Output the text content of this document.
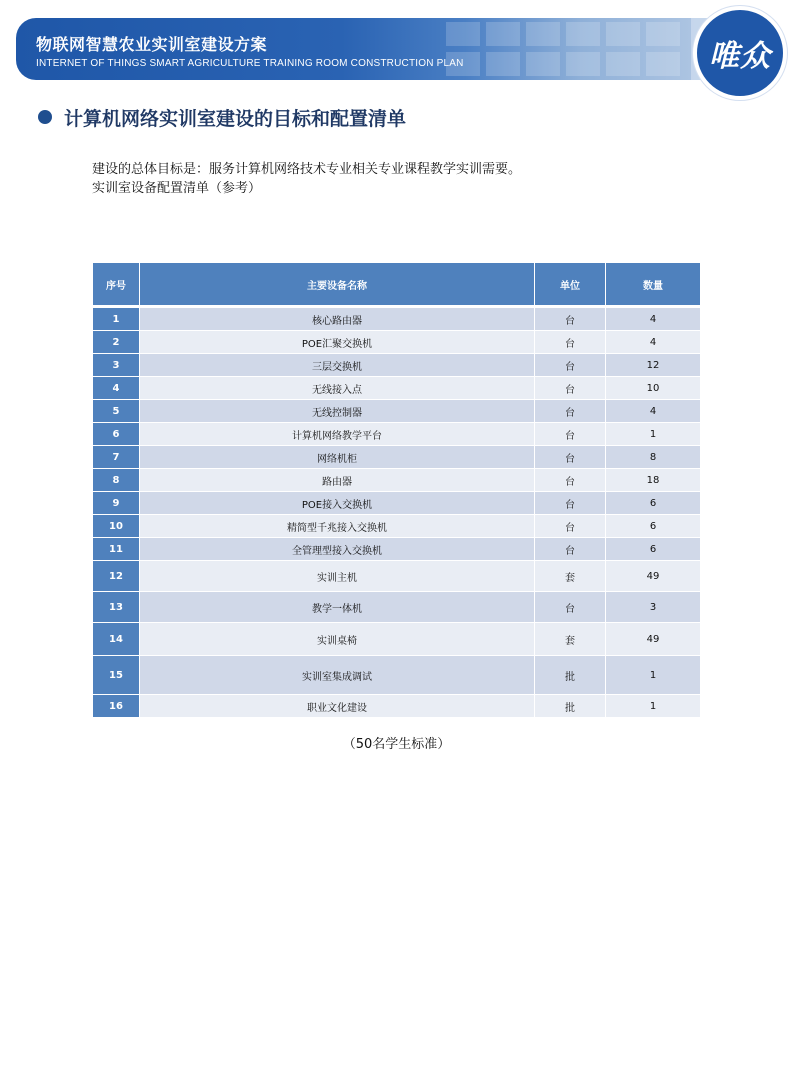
物联网智慧农业实训室建设方案
INTERNET OF THINGS SMART AGRICULTURE TRAINING ROOM CONSTRUCTION PLAN	唯众
计算机网络实训室建设的目标和配置清单
建设的总体目标是：服务计算机网络技术专业相关专业课程教学实训需要。
实训室设备配置清单（参考）
序号	主要设备名称	单位	数量
1	核心路由器	台	4
2	POE汇聚交换机	台	4
3	三层交换机	台	12
4	无线接入点	台	10
5	无线控制器	台	4
6	计算机网络教学平台	台	1
7	网络机柜	台	8
8	路由器	台	18
9	POE接入交换机	台	6
10	精简型千兆接入交换机	台	6
11	全管理型接入交换机	台	6
12	实训主机	套	49
13	教学一体机	台	3
14	实训桌椅	套	49
15	实训室集成调试	批	1
16	职业文化建设	批	1
（50名学生标准）
